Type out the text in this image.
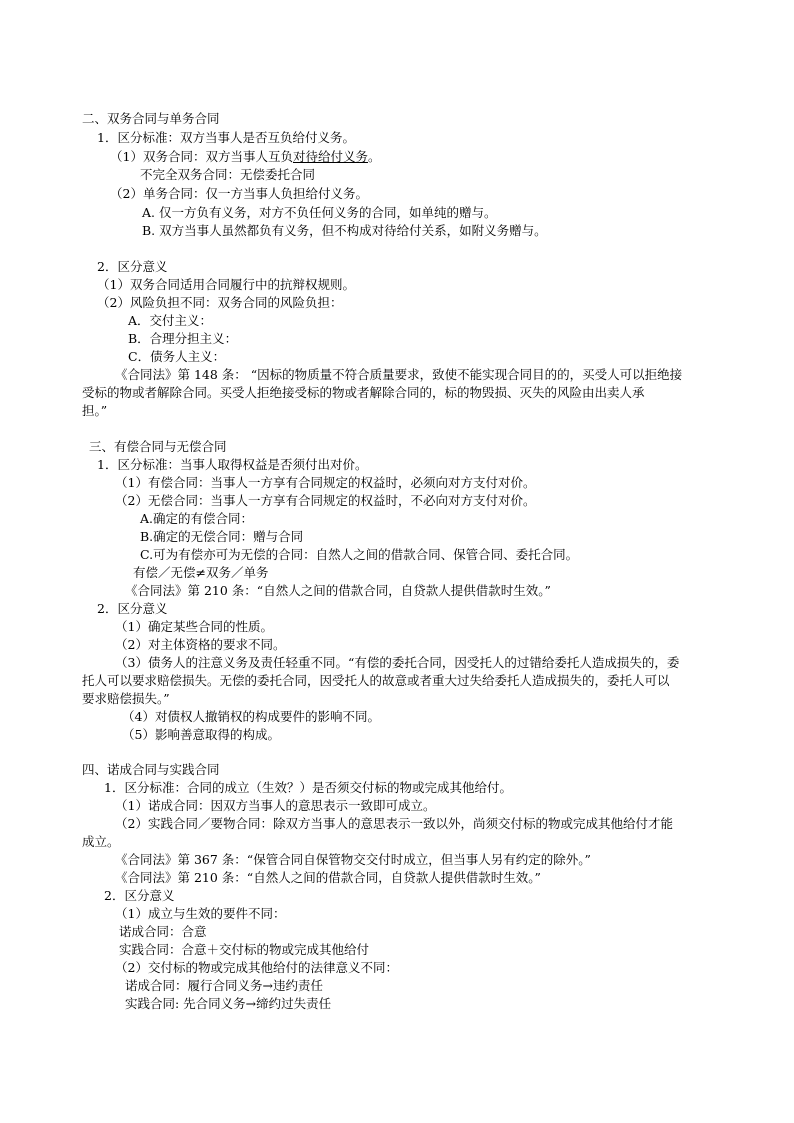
二、双务合同与单务合同
1．区分标准：双方当事人是否互负给付义务。
（1）双务合同：双方当事人互负对待给付义务。
不完全双务合同：无偿委托合同
（2）单务合同：仅一方当事人负担给付义务。
A. 仅一方负有义务，对方不负任何义务的合同，如单纯的赠与。
B. 双方当事人虽然都负有义务，但不构成对待给付关系，如附义务赠与。
2．区分意义
（1）双务合同适用合同履行中的抗辩权规则。
（2）风险负担不同：双务合同的风险负担：
A．交付主义：
B．合理分担主义：
C．债务人主义：
《合同法》第 148 条： “因标的物质量不符合质量要求，致使不能实现合同目的的，买受人可以拒绝接
受标的物或者解除合同。买受人拒绝接受标的物或者解除合同的，标的物毁损、灭失的风险由出卖人承
担。”
三、有偿合同与无偿合同
1．区分标准：当事人取得权益是否须付出对价。
（1）有偿合同：当事人一方享有合同规定的权益时，必须向对方支付对价。
（2）无偿合同：当事人一方享有合同规定的权益时，不必向对方支付对价。
A.确定的有偿合同：
B.确定的无偿合同：赠与合同
C.可为有偿亦可为无偿的合同：自然人之间的借款合同、保管合同、委托合同。
有偿／无偿≠双务／单务
《合同法》第 210 条：“自然人之间的借款合同，自贷款人提供借款时生效。”
2．区分意义
（1）确定某些合同的性质。
（2）对主体资格的要求不同。
（3）债务人的注意义务及责任轻重不同。“有偿的委托合同，因受托人的过错给委托人造成损失的，委
托人可以要求赔偿损失。无偿的委托合同，因受托人的故意或者重大过失给委托人造成损失的，委托人可以
要求赔偿损失。”
（4）对债权人撤销权的构成要件的影响不同。
（5）影响善意取得的构成。
四、诺成合同与实践合同
1．区分标准：合同的成立（生效？）是否须交付标的物或完成其他给付。
（1）诺成合同：因双方当事人的意思表示一致即可成立。
（2）实践合同／要物合同：除双方当事人的意思表示一致以外，尚须交付标的物或完成其他给付才能
成立。
《合同法》第 367 条：“保管合同自保管物交交付时成立，但当事人另有约定的除外。”
《合同法》第 210 条：“自然人之间的借款合同，自贷款人提供借款时生效。”
2．区分意义
（1）成立与生效的要件不同：
诺成合同：合意
实践合同：合意＋交付标的物或完成其他给付
（2）交付标的物或完成其他给付的法律意义不同：
诺成合同：履行合同义务→违约责任
实践合同: 先合同义务→缔约过失责任
